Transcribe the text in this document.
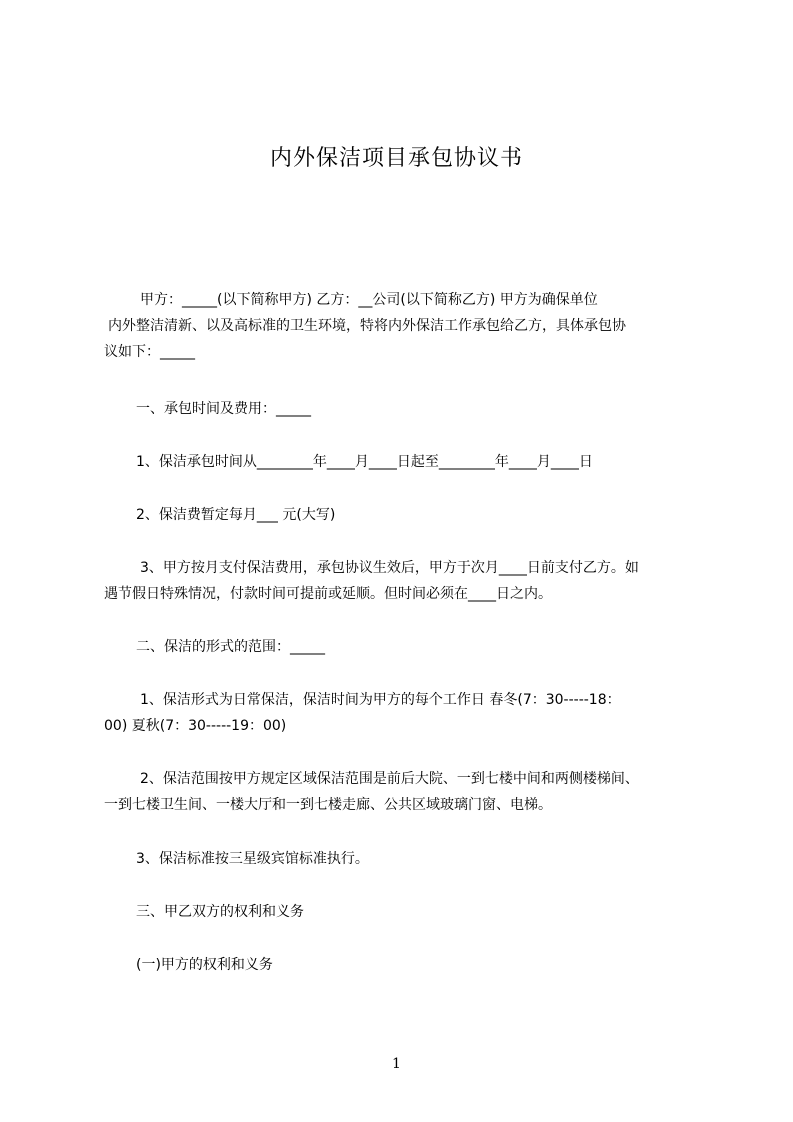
内外保洁项目承包协议书
甲方：_____(以下简称甲方) 乙方：__公司(以下简称乙方) 甲方为确保单位
内外整洁清新、以及高标准的卫生环境，特将内外保洁工作承包给乙方，具体承包协
议如下：_____
一、承包时间及费用：_____
1、保洁承包时间从________年____月____日起至________年____月____日
2、保洁费暂定每月___ 元(大写)
3、甲方按月支付保洁费用，承包协议生效后，甲方于次月____日前支付乙方。如
遇节假日特殊情况，付款时间可提前或延顺。但时间必须在____日之内。
二、保洁的形式的范围：_____
1、保洁形式为日常保洁，保洁时间为甲方的每个工作日 春冬(7：30-----18：
00) 夏秋(7：30-----19：00)
2、保洁范围按甲方规定区域保洁范围是前后大院、一到七楼中间和两侧楼梯间、
一到七楼卫生间、一楼大厅和一到七楼走廊、公共区域玻璃门窗、电梯。
3、保洁标准按三星级宾馆标准执行。
三、甲乙双方的权利和义务
(一)甲方的权利和义务
1
